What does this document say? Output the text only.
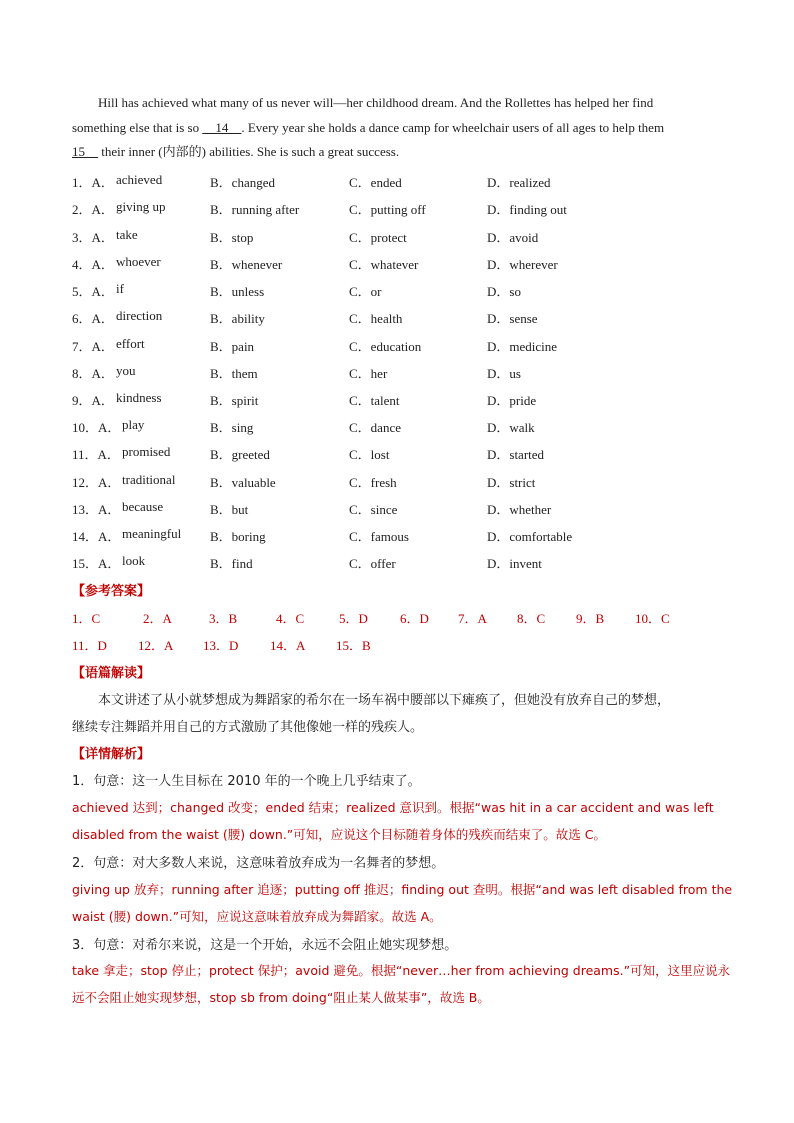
Hill has achieved what many of us never will—her childhood dream. And the Rollettes has helped her find
something else that is so __14__. Every year she holds a dance camp for wheelchair users of all ages to help them
15__ their inner (内部的) abilities. She is such a great success.
1．A． achieved	B．changed	C．ended	D．realized
2．A． giving up	B．running after	C．putting off	D．finding out
3．A． take	B．stop	C．protect	D．avoid
4．A． whoever	B．whenever	C．whatever	D．wherever
5．A． if	B．unless	C．or	D．so
6．A． direction	B．ability	C．health	D．sense
7．A． effort	B．pain	C．education	D．medicine
8．A． you	B．them	C．her	D．us
9．A． kindness	B．spirit	C．talent	D．pride
10．A． play	B．sing	C．dance	D．walk
11．A． promised	B．greeted	C．lost	D．started
12．A． traditional	B．valuable	C．fresh	D．strict
13．A． because	B．but	C．since	D．whether
14．A． meaningful B．boring	C．famous	D．comfortable
15．A． look	B．find	C．offer	D．invent
【参考答案】
1．C	2．A	3．B	4．C	5．D 6．D 7．A 8．C 9．B 10．C
11．D 12．A 13．D 14．A 15．B
【语篇解读】
本文讲述了从小就梦想成为舞蹈家的希尔在一场车祸中腰部以下瘫痪了，但她没有放弃自己的梦想，
继续专注舞蹈并用自己的方式激励了其他像她一样的残疾人。
【详情解析】
1．句意：这一人生目标在 2010 年的一个晚上几乎结束了。
achieved 达到；changed 改变；ended 结束；realized 意识到。根据“was hit in a car accident and was left
disabled from the waist (腰) down.”可知，应说这个目标随着身体的残疾而结束了。故选 C。
2．句意：对大多数人来说，这意味着放弃成为一名舞者的梦想。
giving up 放弃；running after 追逐；putting off 推迟；finding out 查明。根据“and was left disabled from the
waist (腰) down.”可知，应说这意味着放弃成为舞蹈家。故选 A。
3．句意：对希尔来说，这是一个开始，永远不会阻止她实现梦想。
take 拿走；stop 停止；protect 保护；avoid 避免。根据“never…her from achieving dreams.”可知，这里应说永
远不会阻止她实现梦想，stop sb from doing“阻止某人做某事”，故选 B。
